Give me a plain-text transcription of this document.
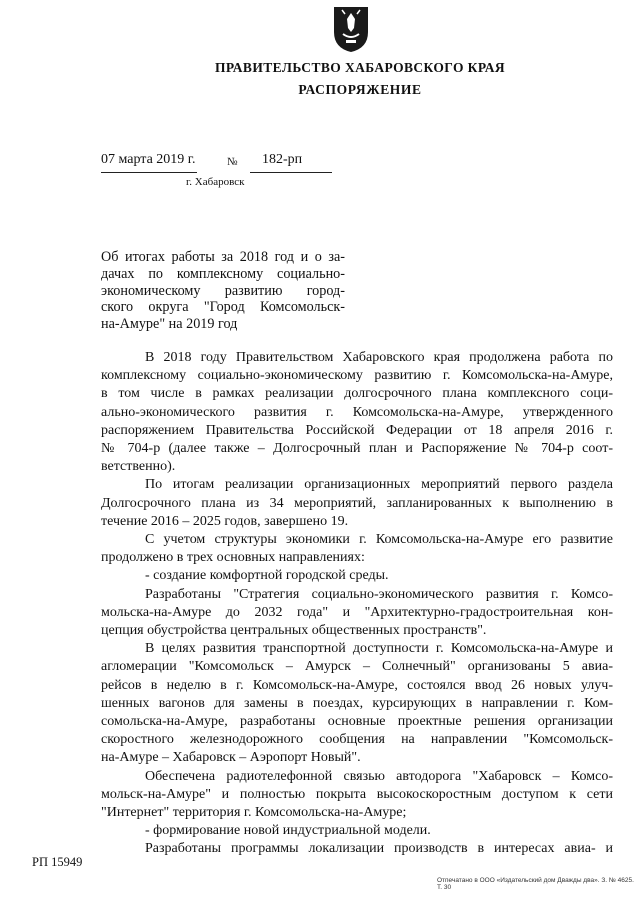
ПРАВИТЕЛЬСТВО ХАБАРОВСКОГО КРАЯ
РАСПОРЯЖЕНИЕ
07 марта 2019 г.	№ 182-рп
г. Хабаровск
Об итогах работы за 2018 год и о за-
дачах по комплексному социально-
экономическому развитию город-
ского округа "Город Комсомольск-
на-Амуре" на 2019 год
В 2018 году Правительством Хабаровского края продолжена работа по
комплексному социально-экономическому развитию г. Комсомольска-на-Амуре,
в том числе в рамках реализации долгосрочного плана комплексного соци-
ально-экономического развития г. Комсомольска-на-Амуре, утвержденного
распоряжением Правительства Российской Федерации от 18 апреля 2016 г.
№ 704-р (далее также – Долгосрочный план и Распоряжение № 704-р соот-
ветственно).
По итогам реализации организационных мероприятий первого раздела
Долгосрочного плана из 34 мероприятий, запланированных к выполнению в
течение 2016 – 2025 годов, завершено 19.
С учетом структуры экономики г. Комсомольска-на-Амуре его развитие
продолжено в трех основных направлениях:
- создание комфортной городской среды.
Разработаны "Стратегия социально-экономического развития г. Комсо-
мольска-на-Амуре до 2032 года" и "Архитектурно-градостроительная кон-
цепция обустройства центральных общественных пространств".
В целях развития транспортной доступности г. Комсомольска-на-Амуре и
агломерации "Комсомольск – Амурск – Солнечный" организованы 5 авиа-
рейсов в неделю в г. Комсомольск-на-Амуре, состоялся ввод 26 новых улуч-
шенных вагонов для замены в поездах, курсирующих в направлении г. Ком-
сомольска-на-Амуре, разработаны основные проектные решения организации
скоростного железнодорожного сообщения на направлении "Комсомольск-
на-Амуре – Хабаровск – Аэропорт Новый".
Обеспечена радиотелефонной связью автодорога "Хабаровск – Комсо-
мольск-на-Амуре" и полностью покрыта высокоскоростным доступом к сети
"Интернет" территория г. Комсомольска-на-Амуре;
- формирование новой индустриальной модели.
Разработаны программы локализации производств в интересах авиа- и
РП 15949
Отпечатано в ООО «Издательский дом Дважды два». З. № 4625. Т. 30
